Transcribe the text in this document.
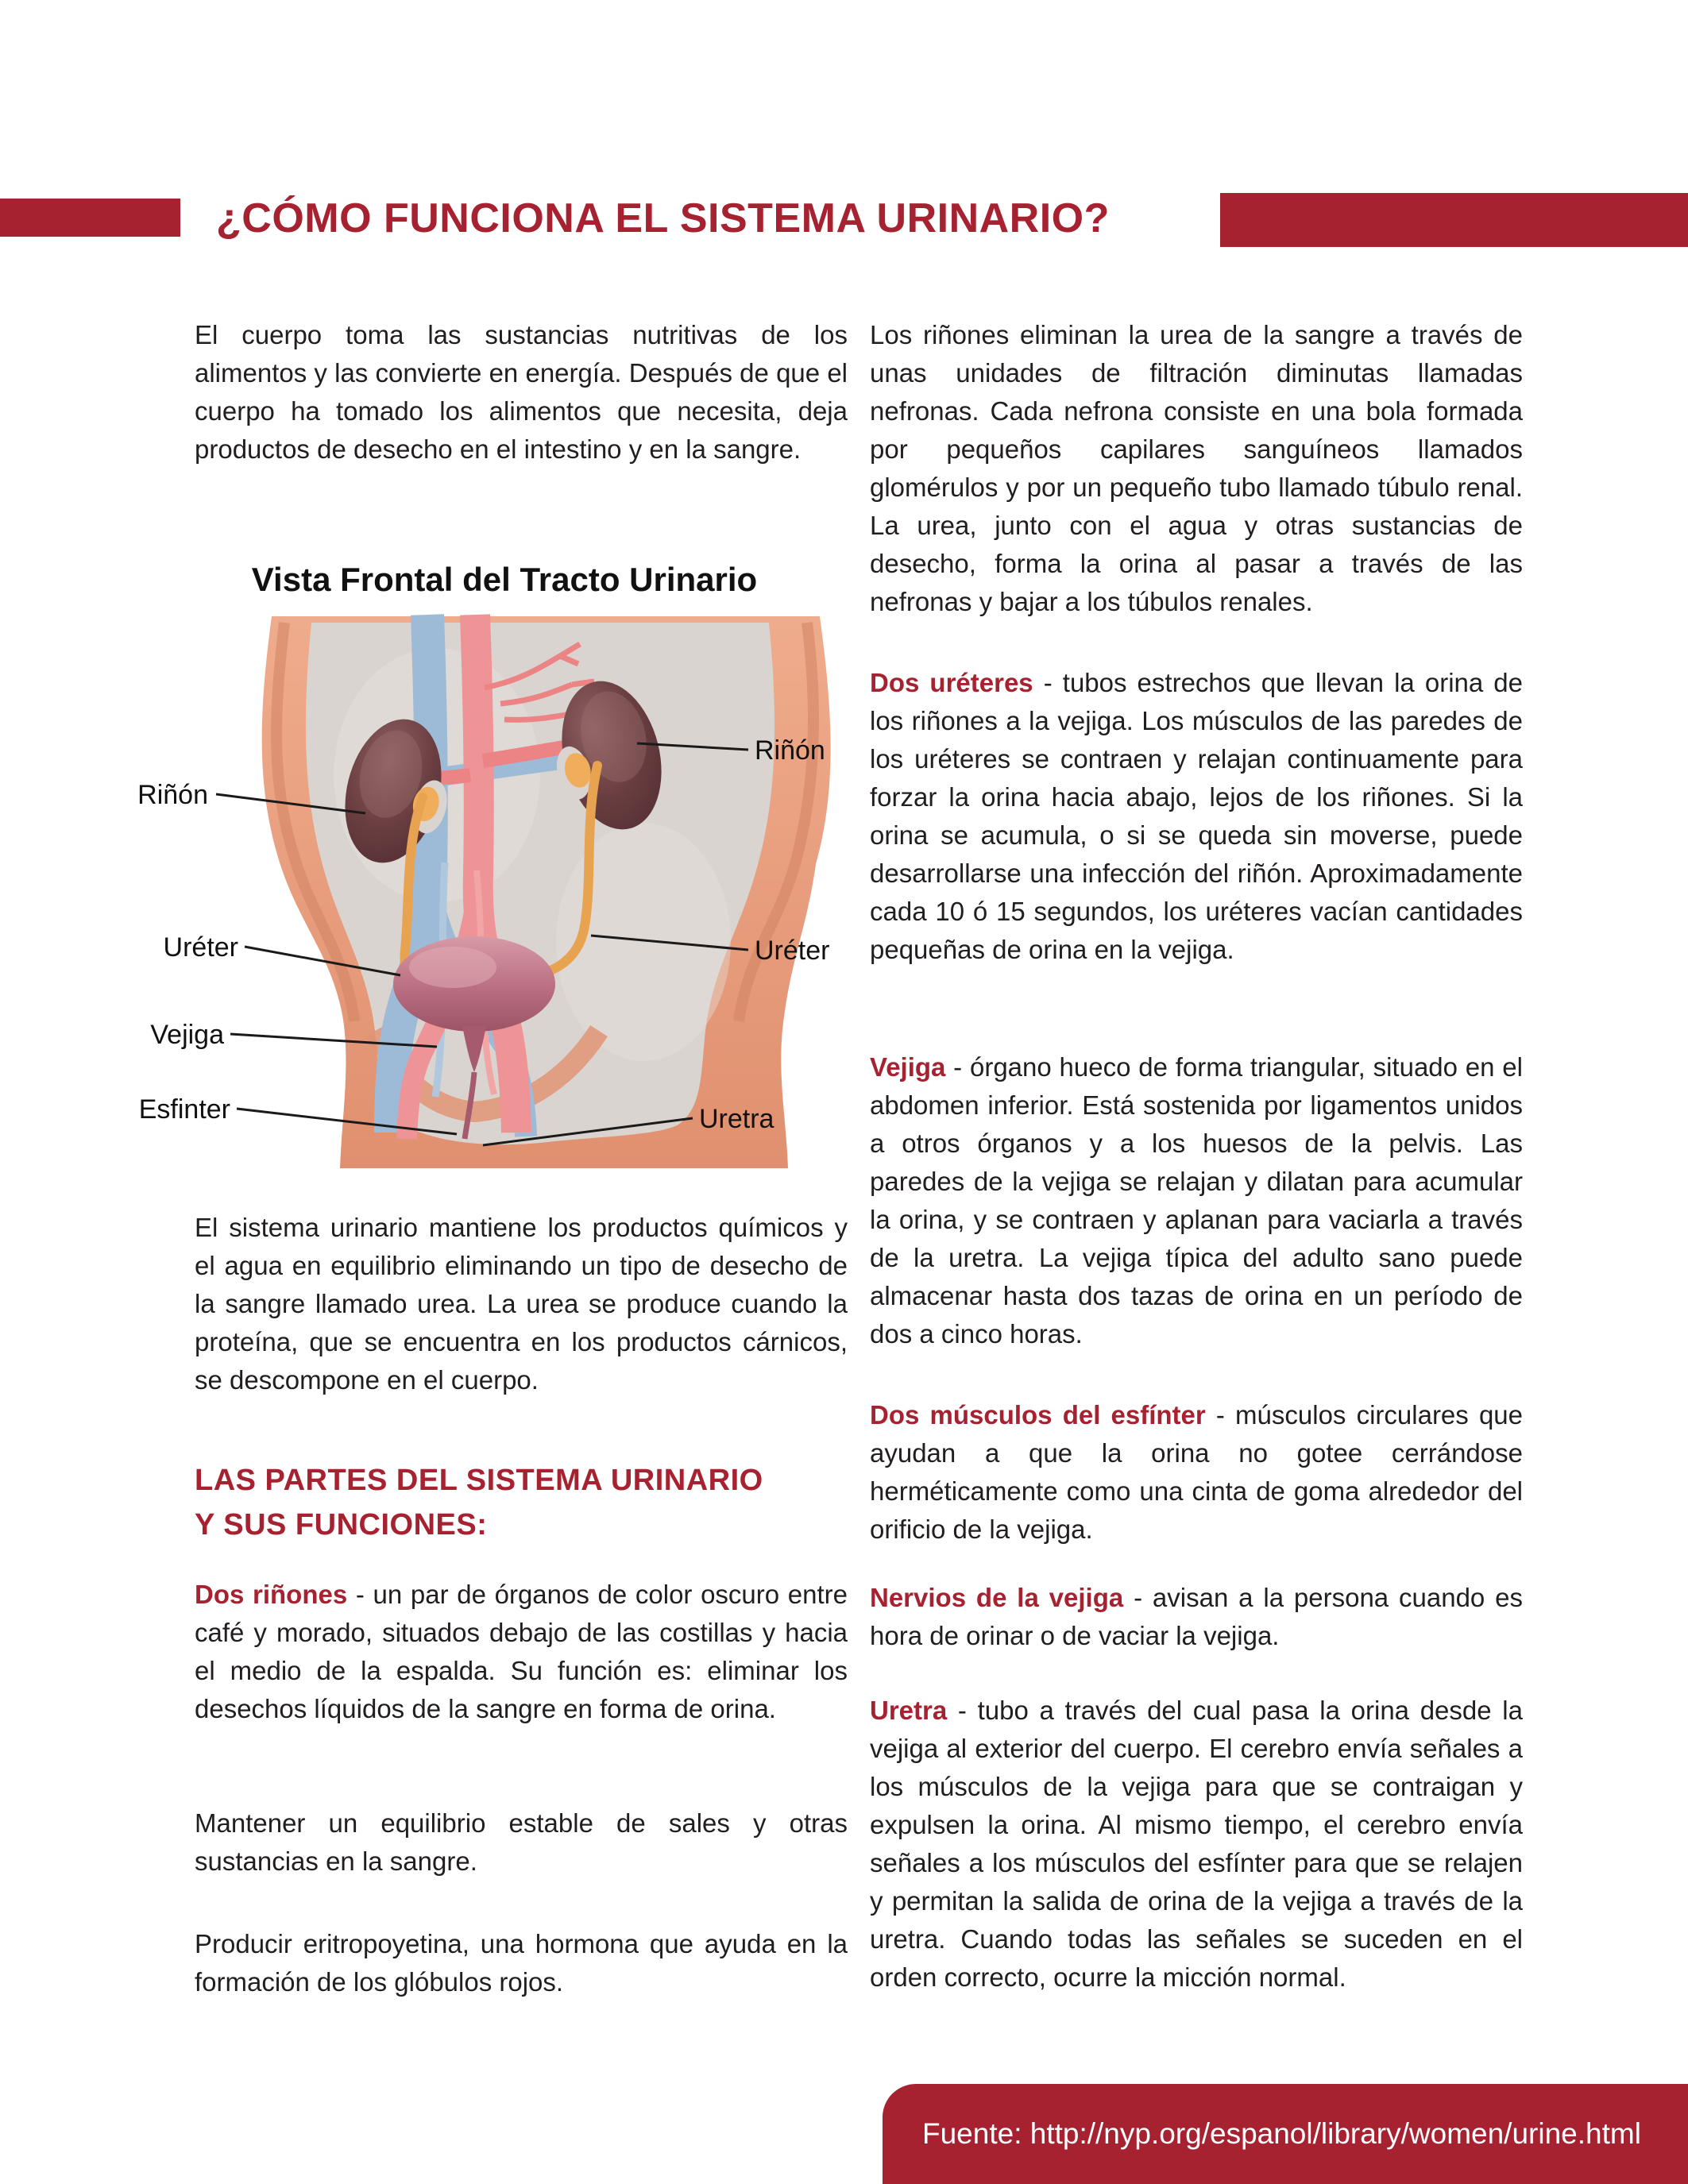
¿CÓMO FUNCIONA EL SISTEMA URINARIO?

El cuerpo toma las sustancias nutritivas de los alimentos y las convierte en energía. Después de que el cuerpo ha tomado los alimentos que necesita, deja productos de desecho en el intestino y en la sangre.

Vista Frontal del Tracto Urinario
Riñón
Riñón
Uréter	Uréter
Vejiga
Esfinter	Uretra

El sistema urinario mantiene los productos químicos y el agua en equilibrio eliminando un tipo de desecho de la sangre llamado urea. La urea se produce cuando la proteína, que se encuentra en los productos cárnicos, se descompone en el cuerpo.

LAS PARTES DEL SISTEMA URINARIO
Y SUS FUNCIONES:

Dos riñones - un par de órganos de color oscuro entre café y morado, situados debajo de las costillas y hacia el medio de la espalda. Su función es: eliminar los desechos líquidos de la sangre en forma de orina.

Mantener un equilibrio estable de sales y otras sustancias en la sangre.

Producir eritropoyetina, una hormona que ayuda en la formación de los glóbulos rojos.

Los riñones eliminan la urea de la sangre a través de unas unidades de filtración diminutas llamadas nefronas. Cada nefrona consiste en una bola formada por pequeños capilares sanguíneos llamados glomérulos y por un pequeño tubo llamado túbulo renal. La urea, junto con el agua y otras sustancias de desecho, forma la orina al pasar a través de las nefronas y bajar a los túbulos renales.

Dos uréteres - tubos estrechos que llevan la orina de los riñones a la vejiga. Los músculos de las paredes de los uréteres se contraen y relajan continuamente para forzar la orina hacia abajo, lejos de los riñones. Si la orina se acumula, o si se queda sin moverse, puede desarrollarse una infección del riñón. Aproximadamente cada 10 ó 15 segundos, los uréteres vacían cantidades pequeñas de orina en la vejiga.

Vejiga - órgano hueco de forma triangular, situado en el abdomen inferior. Está sostenida por ligamentos unidos a otros órganos y a los huesos de la pelvis. Las paredes de la vejiga se relajan y dilatan para acumular la orina, y se contraen y aplanan para vaciarla a través de la uretra. La vejiga típica del adulto sano puede almacenar hasta dos tazas de orina en un período de dos a cinco horas.

Dos músculos del esfínter - músculos circulares que ayudan a que la orina no gotee cerrándose herméticamente como una cinta de goma alrededor del orificio de la vejiga.

Nervios de la vejiga - avisan a la persona cuando es hora de orinar o de vaciar la vejiga.

Uretra - tubo a través del cual pasa la orina desde la vejiga al exterior del cuerpo. El cerebro envía señales a los músculos de la vejiga para que se contraigan y expulsen la orina. Al mismo tiempo, el cerebro envía señales a los músculos del esfínter para que se relajen y permitan la salida de orina de la vejiga a través de la uretra. Cuando todas las señales se suceden en el orden correcto, ocurre la micción normal.

Fuente: http://nyp.org/espanol/library/women/urine.html
